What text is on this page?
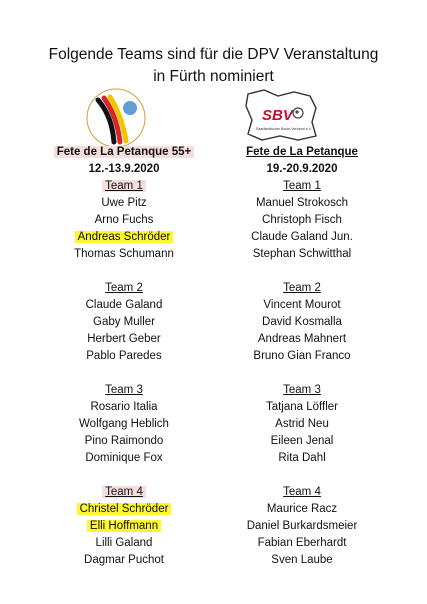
Folgende Teams sind für die DPV Veranstaltung
in Fürth nominiert
SBV
Saarländischer Boule-Verband e.V.
Fete de La Petanque 55+
12.-13.9.2020
Team 1
Uwe Pitz
Arno Fuchs
Andreas Schröder
Thomas Schumann
Team 2
Claude Galand
Gaby Muller
Herbert Geber
Pablo Paredes
Team 3
Rosario Italia
Wolfgang Heblich
Pino Raimondo
Dominique Fox
Team 4
Christel Schröder
Elli Hoffmann
Lilli Galand
Dagmar Puchot
Fete de La Petanque
19.-20.9.2020
Team 1
Manuel Strokosch
Christoph Fisch
Claude Galand Jun.
Stephan Schwitthal
Team 2
Vincent Mourot
David Kosmalla
Andreas Mahnert
Bruno Gian Franco
Team 3
Tatjana Löffler
Astrid Neu
Eileen Jenal
Rita Dahl
Team 4
Maurice Racz
Daniel Burkardsmeier
Fabian Eberhardt
Sven Laube
